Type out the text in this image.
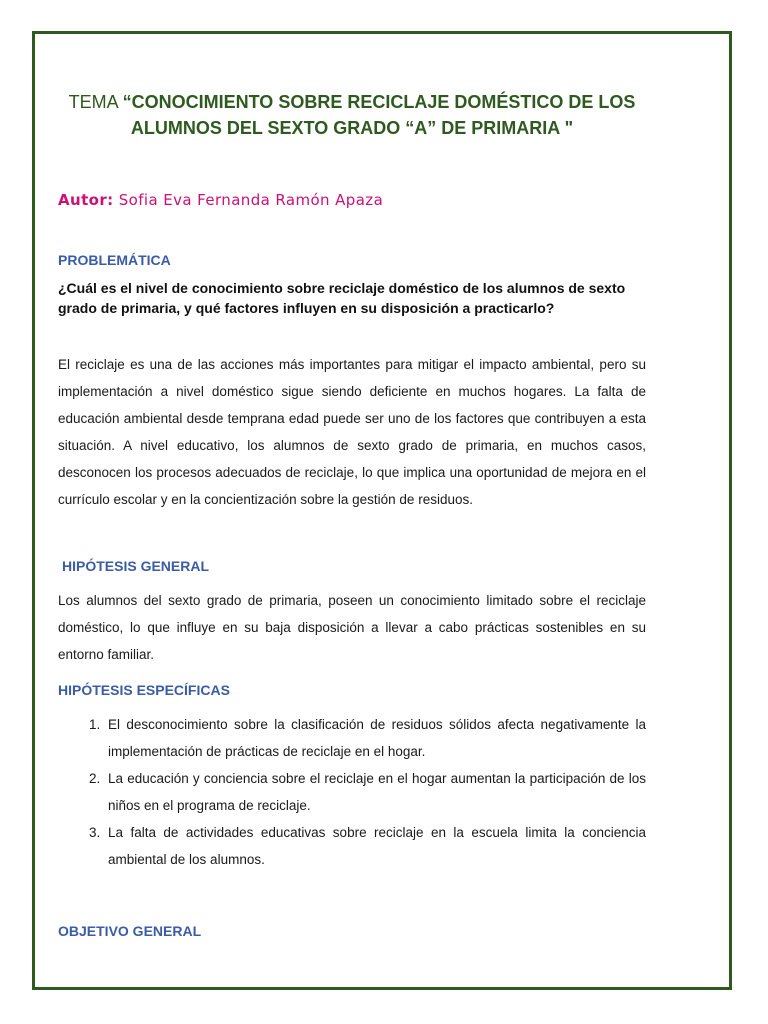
TEMA “CONOCIMIENTO SOBRE RECICLAJE DOMÉSTICO DE LOS ALUMNOS DEL SEXTO GRADO “A” DE PRIMARIA "
Autor: Sofia Eva Fernanda Ramón Apaza
PROBLEMÁTICA

¿Cuál es el nivel de conocimiento sobre reciclaje doméstico de los alumnos de sexto grado de primaria, y qué factores influyen en su disposición a practicarlo?

El reciclaje es una de las acciones más importantes para mitigar el impacto ambiental, pero su implementación a nivel doméstico sigue siendo deficiente en muchos hogares. La falta de educación ambiental desde temprana edad puede ser uno de los factores que contribuyen a esta situación. A nivel educativo, los alumnos de sexto grado de primaria, en muchos casos, desconocen los procesos adecuados de reciclaje, lo que implica una oportunidad de mejora en el currículo escolar y en la concientización sobre la gestión de residuos.

HIPÓTESIS GENERAL

Los alumnos del sexto grado de primaria, poseen un conocimiento limitado sobre el reciclaje doméstico, lo que influye en su baja disposición a llevar a cabo prácticas sostenibles en su entorno familiar.

HIPÓTESIS ESPECÍFICAS
1. El desconocimiento sobre la clasificación de residuos sólidos afecta negativamente la implementación de prácticas de reciclaje en el hogar.
2. La educación y conciencia sobre el reciclaje en el hogar aumentan la participación de los niños en el programa de reciclaje.
3. La falta de actividades educativas sobre reciclaje en la escuela limita la conciencia ambiental de los alumnos.
OBJETIVO GENERAL
